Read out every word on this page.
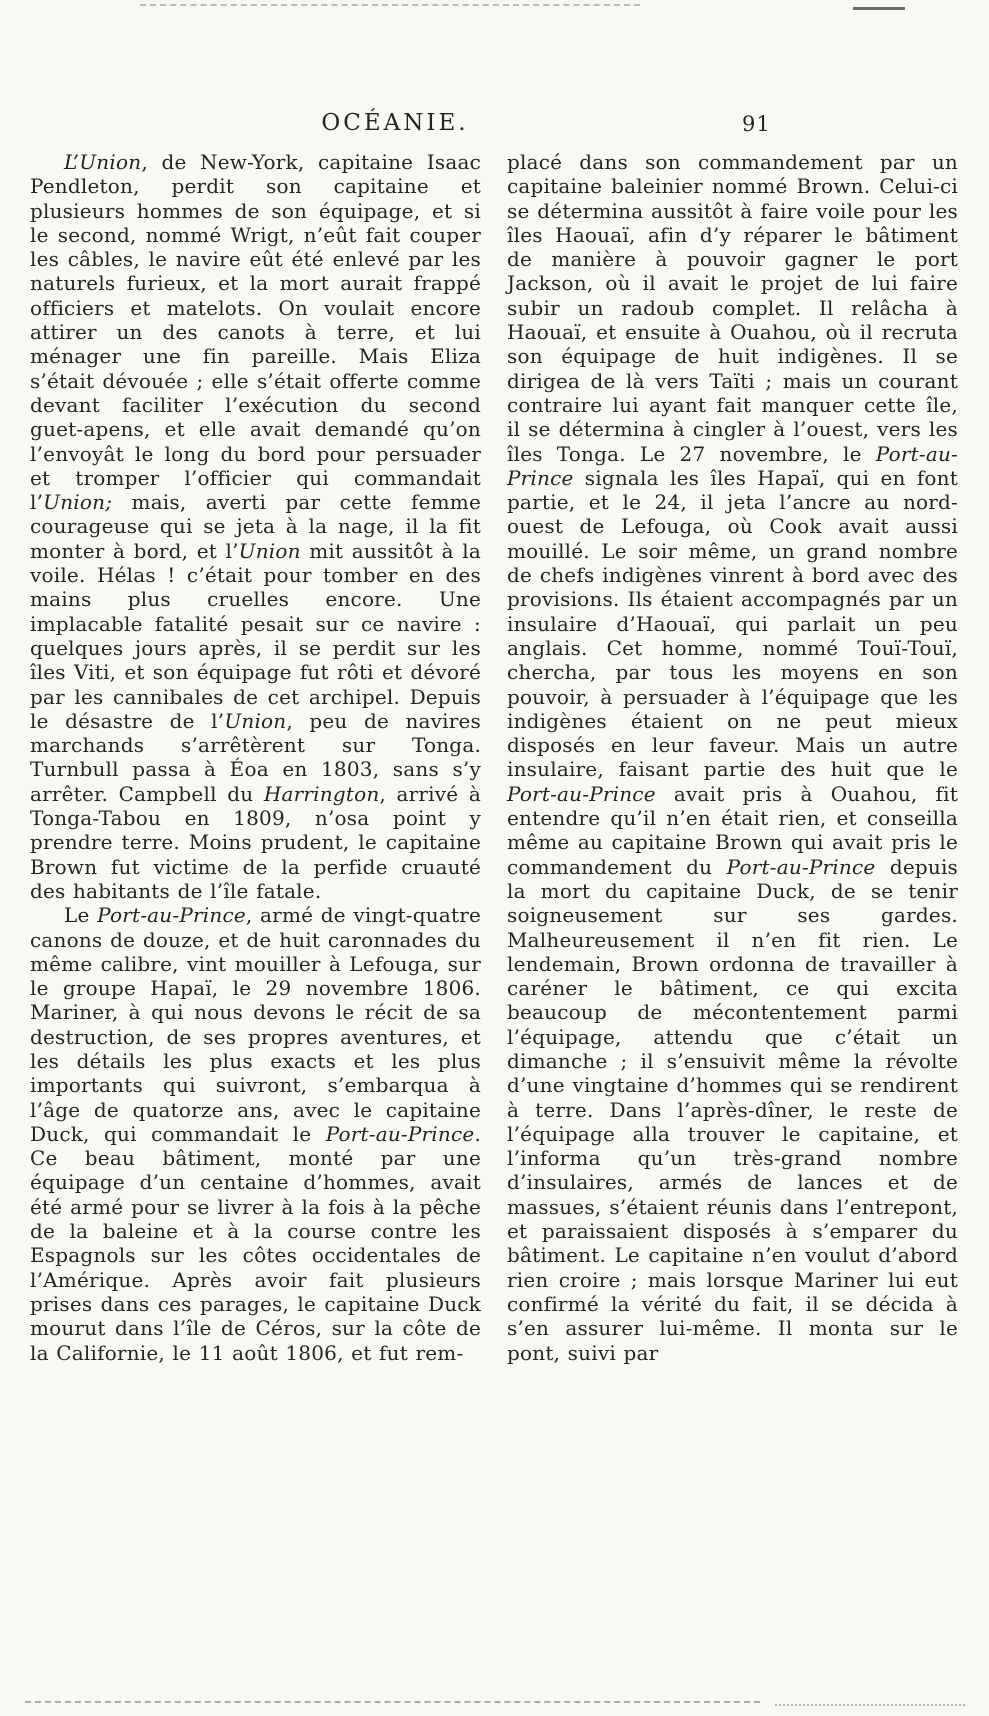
OCÉANIE.	91

L’Union, de New-York, capitaine Isaac Pendleton, perdit son capitaine et plusieurs hommes de son équipage, et si le second, nommé Wrigt, n’eût fait couper les câbles, le navire eût été enlevé par les naturels furieux, et la mort aurait frappé officiers et matelots. On voulait encore attirer un des canots à terre, et lui ménager une fin pareille. Mais Eliza s’était dévouée ; elle s’était offerte comme devant faciliter l’exécution du second guet-apens, et elle avait demandé qu’on l’envoyât le long du bord pour persuader et tromper l’officier qui commandait l’Union; mais, averti par cette femme courageuse qui se jeta à la nage, il la fit monter à bord, et l’Union mit aussitôt à la voile. Hélas ! c’était pour tomber en des mains plus cruelles encore. Une implacable fatalité pesait sur ce navire : quelques jours après, il se perdit sur les îles Viti, et son équipage fut rôti et dévoré par les cannibales de cet archipel. Depuis le désastre de l’Union, peu de navires marchands s’arrêtèrent sur Tonga. Turnbull passa à Éoa en 1803, sans s’y arrêter. Campbell du Harrington, arrivé à Tonga-Tabou en 1809, n’osa point y prendre terre. Moins prudent, le capitaine Brown fut victime de la perfide cruauté des habitants de l’île fatale.

Le Port-au-Prince, armé de vingt-quatre canons de douze, et de huit caronnades du même calibre, vint mouiller à Lefouga, sur le groupe Hapaï, le 29 novembre 1806. Mariner, à qui nous devons le récit de sa destruction, de ses propres aventures, et les détails les plus exacts et les plus importants qui suivront, s’embarqua à l’âge de quatorze ans, avec le capitaine Duck, qui commandait le Port-au-Prince. Ce beau bâtiment, monté par une équipage d’un centaine d’hommes, avait été armé pour se livrer à la fois à la pêche de la baleine et à la course contre les Espagnols sur les côtes occidentales de l’Amérique. Après avoir fait plusieurs prises dans ces parages, le capitaine Duck mourut dans l’île de Céros, sur la côte de la Californie, le 11 août 1806, et fut rem-

placé dans son commandement par un capitaine baleinier nommé Brown. Celui-ci se détermina aussitôt à faire voile pour les îles Haouaï, afin d’y réparer le bâtiment de manière à pouvoir gagner le port Jackson, où il avait le projet de lui faire subir un radoub complet. Il relâcha à Haouaï, et ensuite à Ouahou, où il recruta son équipage de huit indigènes. Il se dirigea de là vers Taïti ; mais un courant contraire lui ayant fait manquer cette île, il se détermina à cingler à l’ouest, vers les îles Tonga. Le 27 novembre, le Port-au-Prince signala les îles Hapaï, qui en font partie, et le 24, il jeta l’ancre au nord-ouest de Lefouga, où Cook avait aussi mouillé. Le soir même, un grand nombre de chefs indigènes vinrent à bord avec des provisions. Ils étaient accompagnés par un insulaire d’Haouaï, qui parlait un peu anglais. Cet homme, nommé Touï-Touï, chercha, par tous les moyens en son pouvoir, à persuader à l’équipage que les indigènes étaient on ne peut mieux disposés en leur faveur. Mais un autre insulaire, faisant partie des huit que le Port-au-Prince avait pris à Ouahou, fit entendre qu’il n’en était rien, et conseilla même au capitaine Brown qui avait pris le commandement du Port-au-Prince depuis la mort du capitaine Duck, de se tenir soigneusement sur ses gardes. Malheureusement il n’en fit rien. Le lendemain, Brown ordonna de travailler à caréner le bâtiment, ce qui excita beaucoup de mécontentement parmi l’équipage, attendu que c’était un dimanche ; il s’ensuivit même la révolte d’une vingtaine d’hommes qui se rendirent à terre. Dans l’après-dîner, le reste de l’équipage alla trouver le capitaine, et l’informa qu’un très-grand nombre d’insulaires, armés de lances et de massues, s’étaient réunis dans l’entrepont, et paraissaient disposés à s’emparer du bâtiment. Le capitaine n’en voulut d’abord rien croire ; mais lorsque Mariner lui eut confirmé la vérité du fait, il se décida à s’en assurer lui-même. Il monta sur le pont, suivi par
